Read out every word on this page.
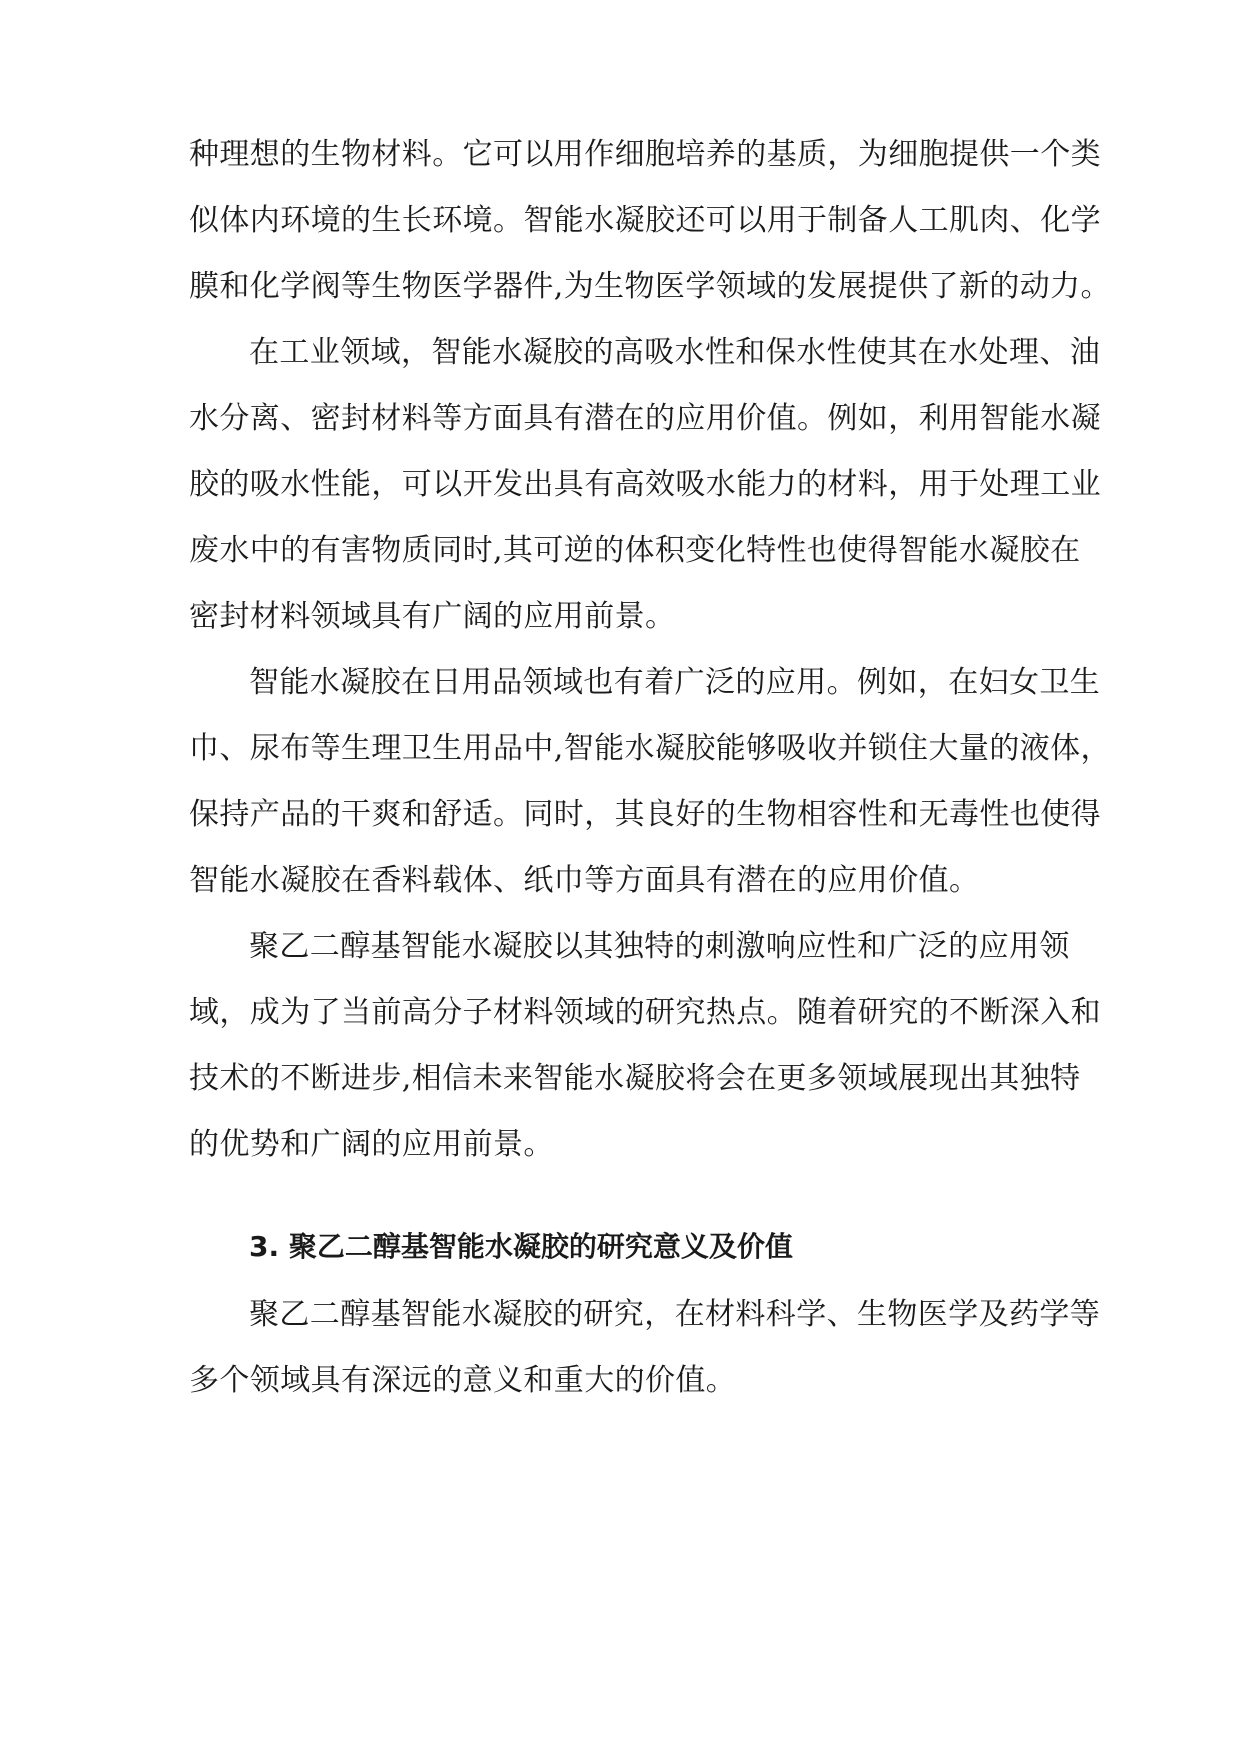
种理想的生物材料。它可以用作细胞培养的基质，为细胞提供一个类
似体内环境的生长环境。智能水凝胶还可以用于制备人工肌肉、化学
膜和化学阀等生物医学器件,为生物医学领域的发展提供了新的动力。
在工业领域，智能水凝胶的高吸水性和保水性使其在水处理、油
水分离、密封材料等方面具有潜在的应用价值。例如，利用智能水凝
胶的吸水性能，可以开发出具有高效吸水能力的材料，用于处理工业
废水中的有害物质同时,其可逆的体积变化特性也使得智能水凝胶在
密封材料领域具有广阔的应用前景。
智能水凝胶在日用品领域也有着广泛的应用。例如，在妇女卫生
巾、尿布等生理卫生用品中,智能水凝胶能够吸收并锁住大量的液体，
保持产品的干爽和舒适。同时，其良好的生物相容性和无毒性也使得
智能水凝胶在香料载体、纸巾等方面具有潜在的应用价值。
聚乙二醇基智能水凝胶以其独特的刺激响应性和广泛的应用领
域，成为了当前高分子材料领域的研究热点。随着研究的不断深入和
技术的不断进步,相信未来智能水凝胶将会在更多领域展现出其独特
的优势和广阔的应用前景。
3. 聚乙二醇基智能水凝胶的研究意义及价值
聚乙二醇基智能水凝胶的研究，在材料科学、生物医学及药学等
多个领域具有深远的意义和重大的价值。
